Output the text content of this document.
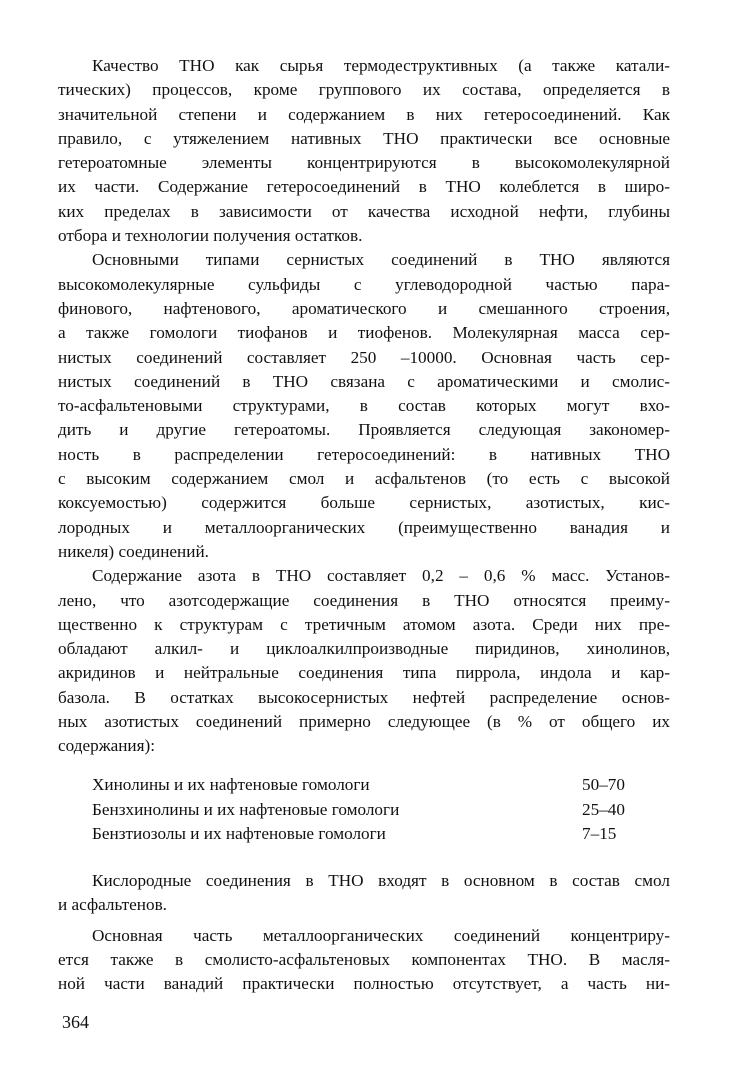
Качество ТНО как сырья термодеструктивных (а также катали-
тических) процессов, кроме группового их состава, определяется в
значительной степени и содержанием в них гетеросоединений. Как
правило, с утяжелением нативных ТНО практически все основные
гетероатомные элементы концентрируются в высокомолекулярной
их части. Содержание гетеросоединений в ТНО колеблется в широ-
ких пределах в зависимости от качества исходной нефти, глубины
отбора и технологии получения остатков.
Основными типами сернистых соединений в ТНО являются
высокомолекулярные сульфиды с углеводородной частью пара-
финового, нафтенового, ароматического и смешанного строения,
а также гомологи тиофанов и тиофенов. Молекулярная масса сер-
нистых соединений составляет 250 –10000. Основная часть сер-
нистых соединений в ТНО связана с ароматическими и смолис-
то-асфальтеновыми структурами, в состав которых могут вхо-
дить и другие гетероатомы. Проявляется следующая закономер-
ность в распределении гетеросоединений: в нативных ТНО
с высоким содержанием смол и асфальтенов (то есть с высокой
коксуемостью) содержится больше сернистых, азотистых, кис-
лородных и металлоорганических (преимущественно ванадия и
никеля) соединений.
Содержание азота в ТНО составляет 0,2 – 0,6 % масс. Установ-
лено, что азотсодержащие соединения в ТНО относятся преиму-
щественно к структурам с третичным атомом азота. Среди них пре-
обладают алкил- и циклоалкилпроизводные пиридинов, хинолинов,
акридинов и нейтральные соединения типа пиррола, индола и кар-
базола. В остатках высокосернистых нефтей распределение основ-
ных азотистых соединений примерно следующее (в % от общего их
содержания):
Хинолины и их нафтеновые гомологи	50–70
Бензхинолины и их нафтеновые гомологи	25–40
Бензтиозолы и их нафтеновые гомологи	7–15
Кислородные соединения в ТНО входят в основном в состав смол
и асфальтенов.
Основная часть металлоорганических соединений концентриру-
ется также в смолисто-асфальтеновых компонентах ТНО. В масля-
ной части ванадий практически полностью отсутствует, а часть ни-
364
